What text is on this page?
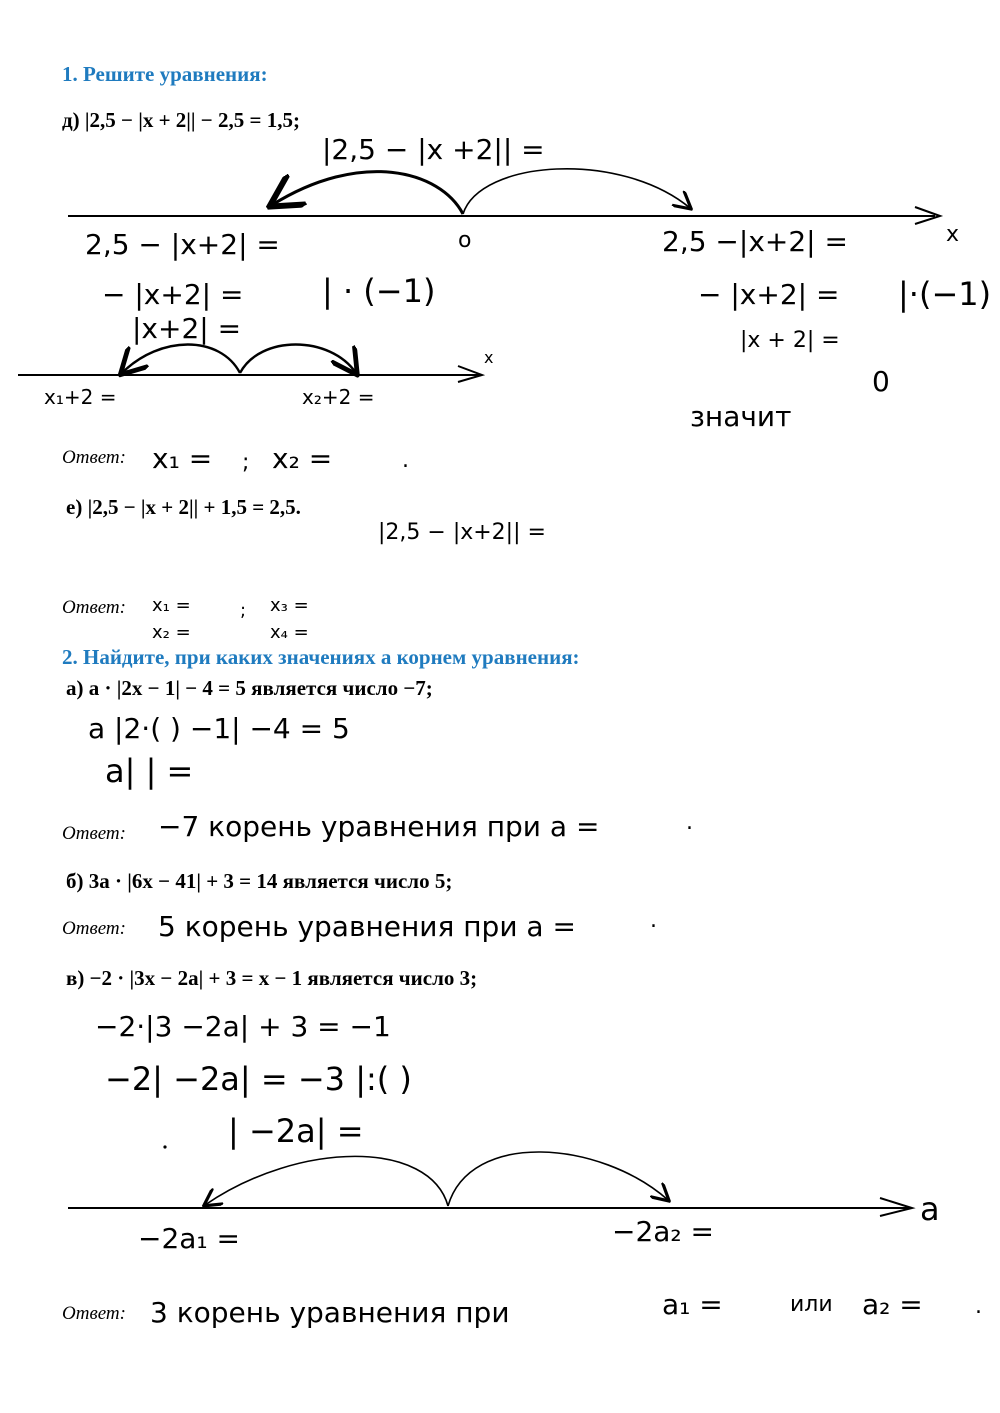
1. Решите уравнения:
д) |2,5 − |x + 2|| − 2,5 = 1,5;
|2,5 − |x +2|| =
x
o
2,5 − |x+2| =
− |x+2| = | · (−1)
|x+2| =
2,5 −|x+2| =
− |x+2| = |·(−1)
|x + 2| =
0
значит
x
x₁+2 =	x₂+2 =
Ответ: x₁ = ; x₂ =	.
е) |2,5 − |x + 2|| + 1,5 = 2,5.
|2,5 − |x+2|| =
Ответ: x₁ =
x₂ =
; x₃ =
x₄ =
2. Найдите, при каких значениях a корнем уравнения:
а) a · |2x − 1| − 4 = 5 является число −7;
a |2·( ) −1| −4 = 5
a| | =
Ответ: −7 корень уравнения при a =	.
б) 3a · |6x − 41| + 3 = 14 является число 5;
Ответ: 5 корень уравнения при a =	.
в) −2 · |3x − 2a| + 3 = x − 1 является число 3;
−2·|3 −2a| + 3 = −1
−2| −2a| = −3 |:( )
| −2a| =
a
−2a₁ =	−2a₂ =
Ответ: 3 корень уравнения при	a₁ =	или a₂ = .
